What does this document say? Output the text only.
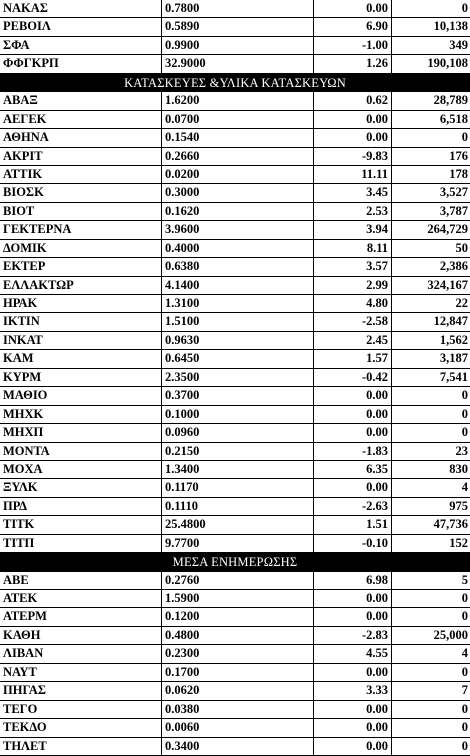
ΝΑΚΑΣ	0.7800	0.00	0
ΡΕΒΟΙΛ	0.5890	6.90	10,138
ΣΦΑ	0.9900	-1.00	349
ΦΦΓΚΡΠ	32.9000	1.26	190,108
ΚΑΤΑΣΚΕΥΕΣ &ΥΛΙΚΑ ΚΑΤΑΣΚΕΥΩΝ
ΑΒΑΞ	1.6200	0.62	28,789
ΑΕΓΕΚ	0.0700	0.00	6,518
ΑΘΗΝΑ	0.1540	0.00	0
ΑΚΡΙΤ	0.2660	-9.83	176
ΑΤΤΙΚ	0.0200	11.11	178
ΒΙΟΣΚ	0.3000	3.45	3,527
ΒΙΟΤ	0.1620	2.53	3,787
ΓΕΚΤΕΡΝΑ	3.9600	3.94	264,729
ΔΟΜΙΚ	0.4000	8.11	50
ΕΚΤΕΡ	0.6380	3.57	2,386
ΕΛΛΑΚΤΩΡ	4.1400	2.99	324,167
ΗΡΑΚ	1.3100	4.80	22
ΙΚΤΙΝ	1.5100	-2.58	12,847
ΙΝΚΑΤ	0.9630	2.45	1,562
ΚΑΜ	0.6450	1.57	3,187
ΚΥΡΜ	2.3500	-0.42	7,541
ΜΑΘΙΟ	0.3700	0.00	0
ΜΗΧΚ	0.1000	0.00	0
ΜΗΧΠ	0.0960	0.00	0
ΜΟΝΤΑ	0.2150	-1.83	23
ΜΟΧΑ	1.3400	6.35	830
ΞΥΛΚ	0.1170	0.00	4
ΠΡΔ	0.1110	-2.63	975
ΤΙΤΚ	25.4800	1.51	47,736
ΤΙΤΠ	9.7700	-0.10	152
ΜΕΣΑ ΕΝΗΜΕΡΩΣΗΣ
ΑΒΕ	0.2760	6.98	5
ΑΤΕΚ	1.5900	0.00	0
ΑΤΕΡΜ	0.1200	0.00	0
ΚΑΘΗ	0.4800	-2.83	25,000
ΛΙΒΑΝ	0.2300	4.55	4
ΝΑΥΤ	0.1700	0.00	0
ΠΗΓΑΣ	0.0620	3.33	7
ΤΕΓΟ	0.0380	0.00	0
ΤΕΚΔΟ	0.0060	0.00	0
ΤΗΛΕΤ	0.3400	0.00	0
